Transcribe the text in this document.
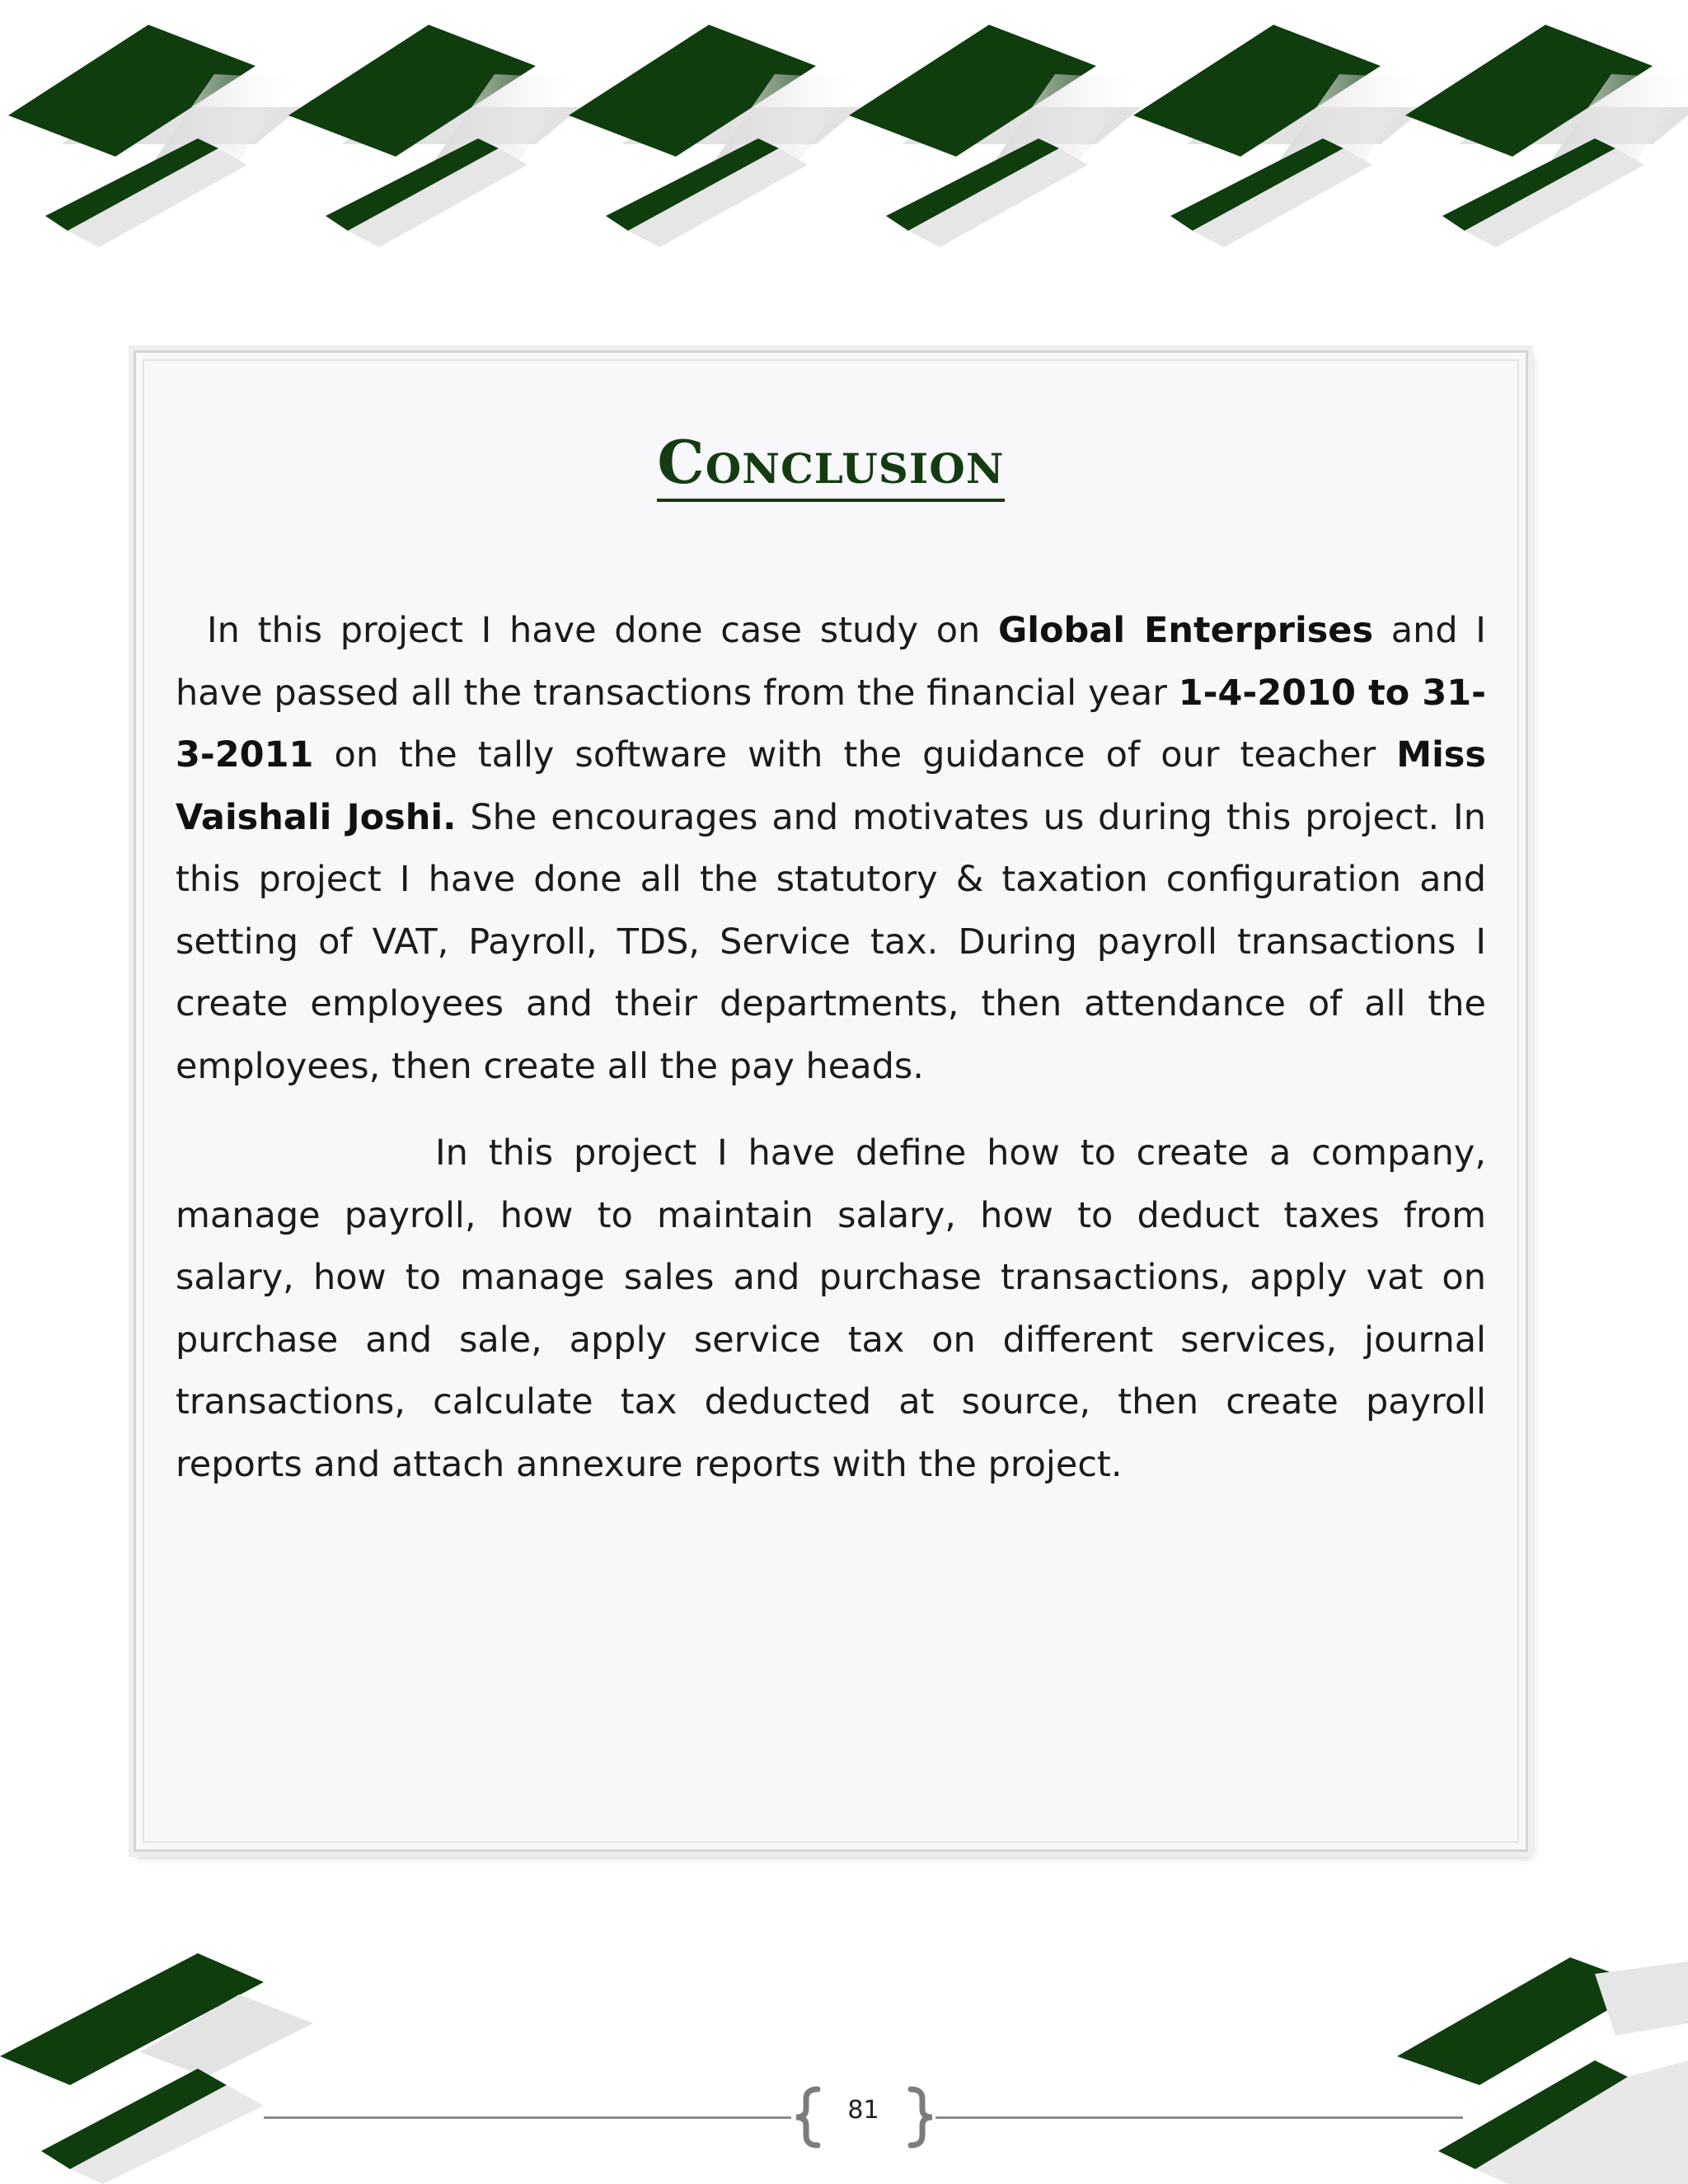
Conclusion

In this project I have done case study on Global Enterprises and I have passed all the transactions from the financial year 1-4-2010 to 31-3-2011 on the tally software with the guidance of our teacher Miss Vaishali Joshi. She encourages and motivates us during this project. In this project I have done all the statutory & taxation configuration and setting of VAT, Payroll, TDS, Service tax. During payroll transactions I create employees and their departments, then attendance of all the employees, then create all the pay heads.

In this project I have define how to create a company, manage payroll, how to maintain salary, how to deduct taxes from salary, how to manage sales and purchase transactions, apply vat on purchase and sale, apply service tax on different services, journal transactions, calculate tax deducted at source, then create payroll reports and attach annexure reports with the project.

81
